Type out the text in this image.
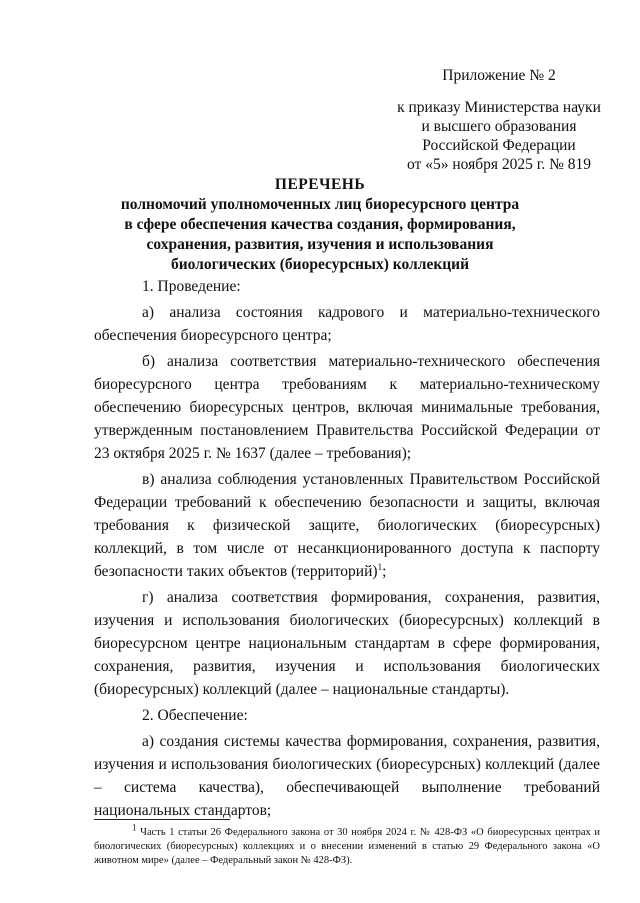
Приложение № 2
к приказу Министерства науки
и высшего образования
Российской Федерации
от «5» ноября 2025 г. № 819
ПЕРЕЧЕНЬ
полномочий уполномоченных лиц биоресурсного центра
в сфере обеспечения качества создания, формирования,
сохранения, развития, изучения и использования
биологических (биоресурсных) коллекций

1. Проведение:

а) анализа состояния кадрового и материально-технического обеспечения биоресурсного центра;

б) анализа соответствия материально-технического обеспечения биоресурсного центра требованиям к материально-техническому обеспечению биоресурсных центров, включая минимальные требования, утвержденным постановлением Правительства Российской Федерации от 23 октября 2025 г. № 1637 (далее – требования);

в) анализа соблюдения установленных Правительством Российской Федерации требований к обеспечению безопасности и защиты, включая требования к физической защите, биологических (биоресурсных) коллекций, в том числе от несанкционированного доступа к паспорту безопасности таких объектов (территорий)$^1$;

г) анализа соответствия формирования, сохранения, развития, изучения и использования биологических (биоресурсных) коллекций в биоресурсном центре национальным стандартам в сфере формирования, сохранения, развития, изучения и использования биологических (биоресурсных) коллекций (далее – национальные стандарты).

2. Обеспечение:

а) создания системы качества формирования, сохранения, развития, изучения и использования биологических (биоресурсных) коллекций (далее – система качества), обеспечивающей выполнение требований национальных стандартов;

$^1$ Часть 1 статьи 26 Федерального закона от 30 ноября 2024 г. № 428-ФЗ «О биоресурсных центрах и биологических (биоресурсных) коллекциях и о внесении изменений в статью 29 Федерального закона «О животном мире» (далее – Федеральный закон № 428-ФЗ).
